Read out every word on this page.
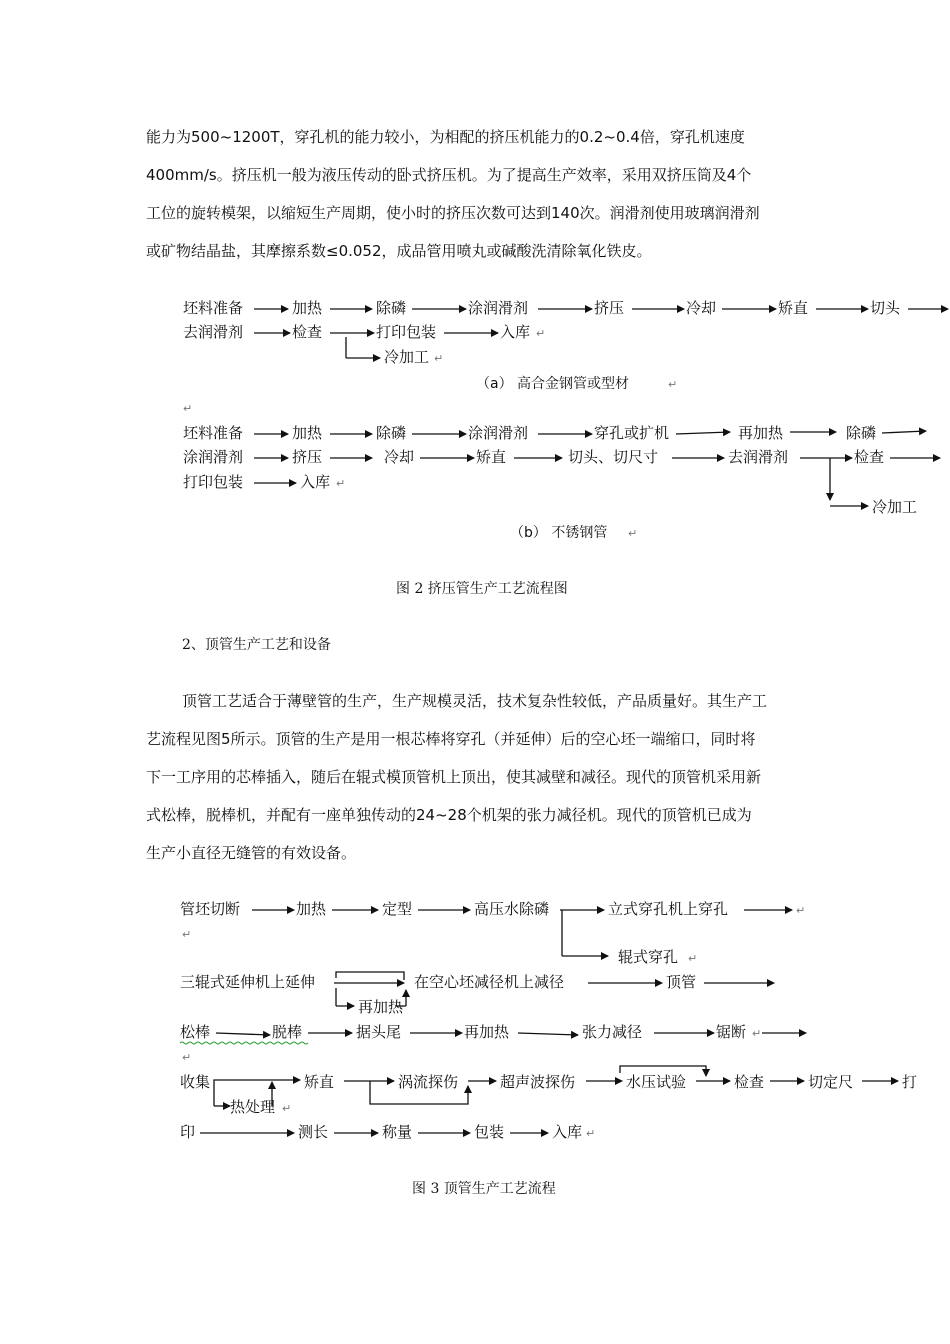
能力为500~1200T，穿孔机的能力较小，为相配的挤压机能力的0.2~0.4倍，穿孔机速度
400mm/s。挤压机一般为液压传动的卧式挤压机。为了提高生产效率，采用双挤压筒及4个
工位的旋转模架，以缩短生产周期，使小时的挤压次数可达到140次。润滑剂使用玻璃润滑剂
或矿物结晶盐，其摩擦系数≤0.052，成品管用喷丸或碱酸洗清除氧化铁皮。
坯料准备	加热	除磷	涂润滑剂	挤压	冷却	矫直	切头
去润滑剂	检查	打印包装	入库 ↵
冷加工 ↵
（a） 高合金钢管或型材	↵
↵
坯料准备	加热	除磷	涂润滑剂	穿孔或扩机	再加热	除磷
涂润滑剂	挤压	冷却	矫直	切头、切尺寸	去润滑剂	检查
打印包装	入库 ↵
冷加工
（b） 不锈钢管 ↵
管坯切断	加热	定型	高压水除磷	立式穿孔机上穿孔	↵
↵
辊式穿孔 ↵
三辊式延伸机上延伸	在空心坯减径机上减径	顶管
再加热
松棒	脱棒	据头尾	再加热	张力减径	锯断 ↵
↵
收集
热处理 ↵
矫直	涡流探伤	超声波探伤	水压试验	检查	切定尺	打
印	测长	称量	包装	入库 ↵
图 2 挤压管生产工艺流程图
2、顶管生产工艺和设备
顶管工艺适合于薄壁管的生产，生产规模灵活，技术复杂性较低，产品质量好。其生产工
艺流程见图5所示。顶管的生产是用一根芯棒将穿孔（并延伸）后的空心坯一端缩口，同时将
下一工序用的芯棒插入，随后在辊式模顶管机上顶出，使其减壁和减径。现代的顶管机采用新
式松棒，脱棒机，并配有一座单独传动的24~28个机架的张力减径机。现代的顶管机已成为
生产小直径无缝管的有效设备。
图 3 顶管生产工艺流程
